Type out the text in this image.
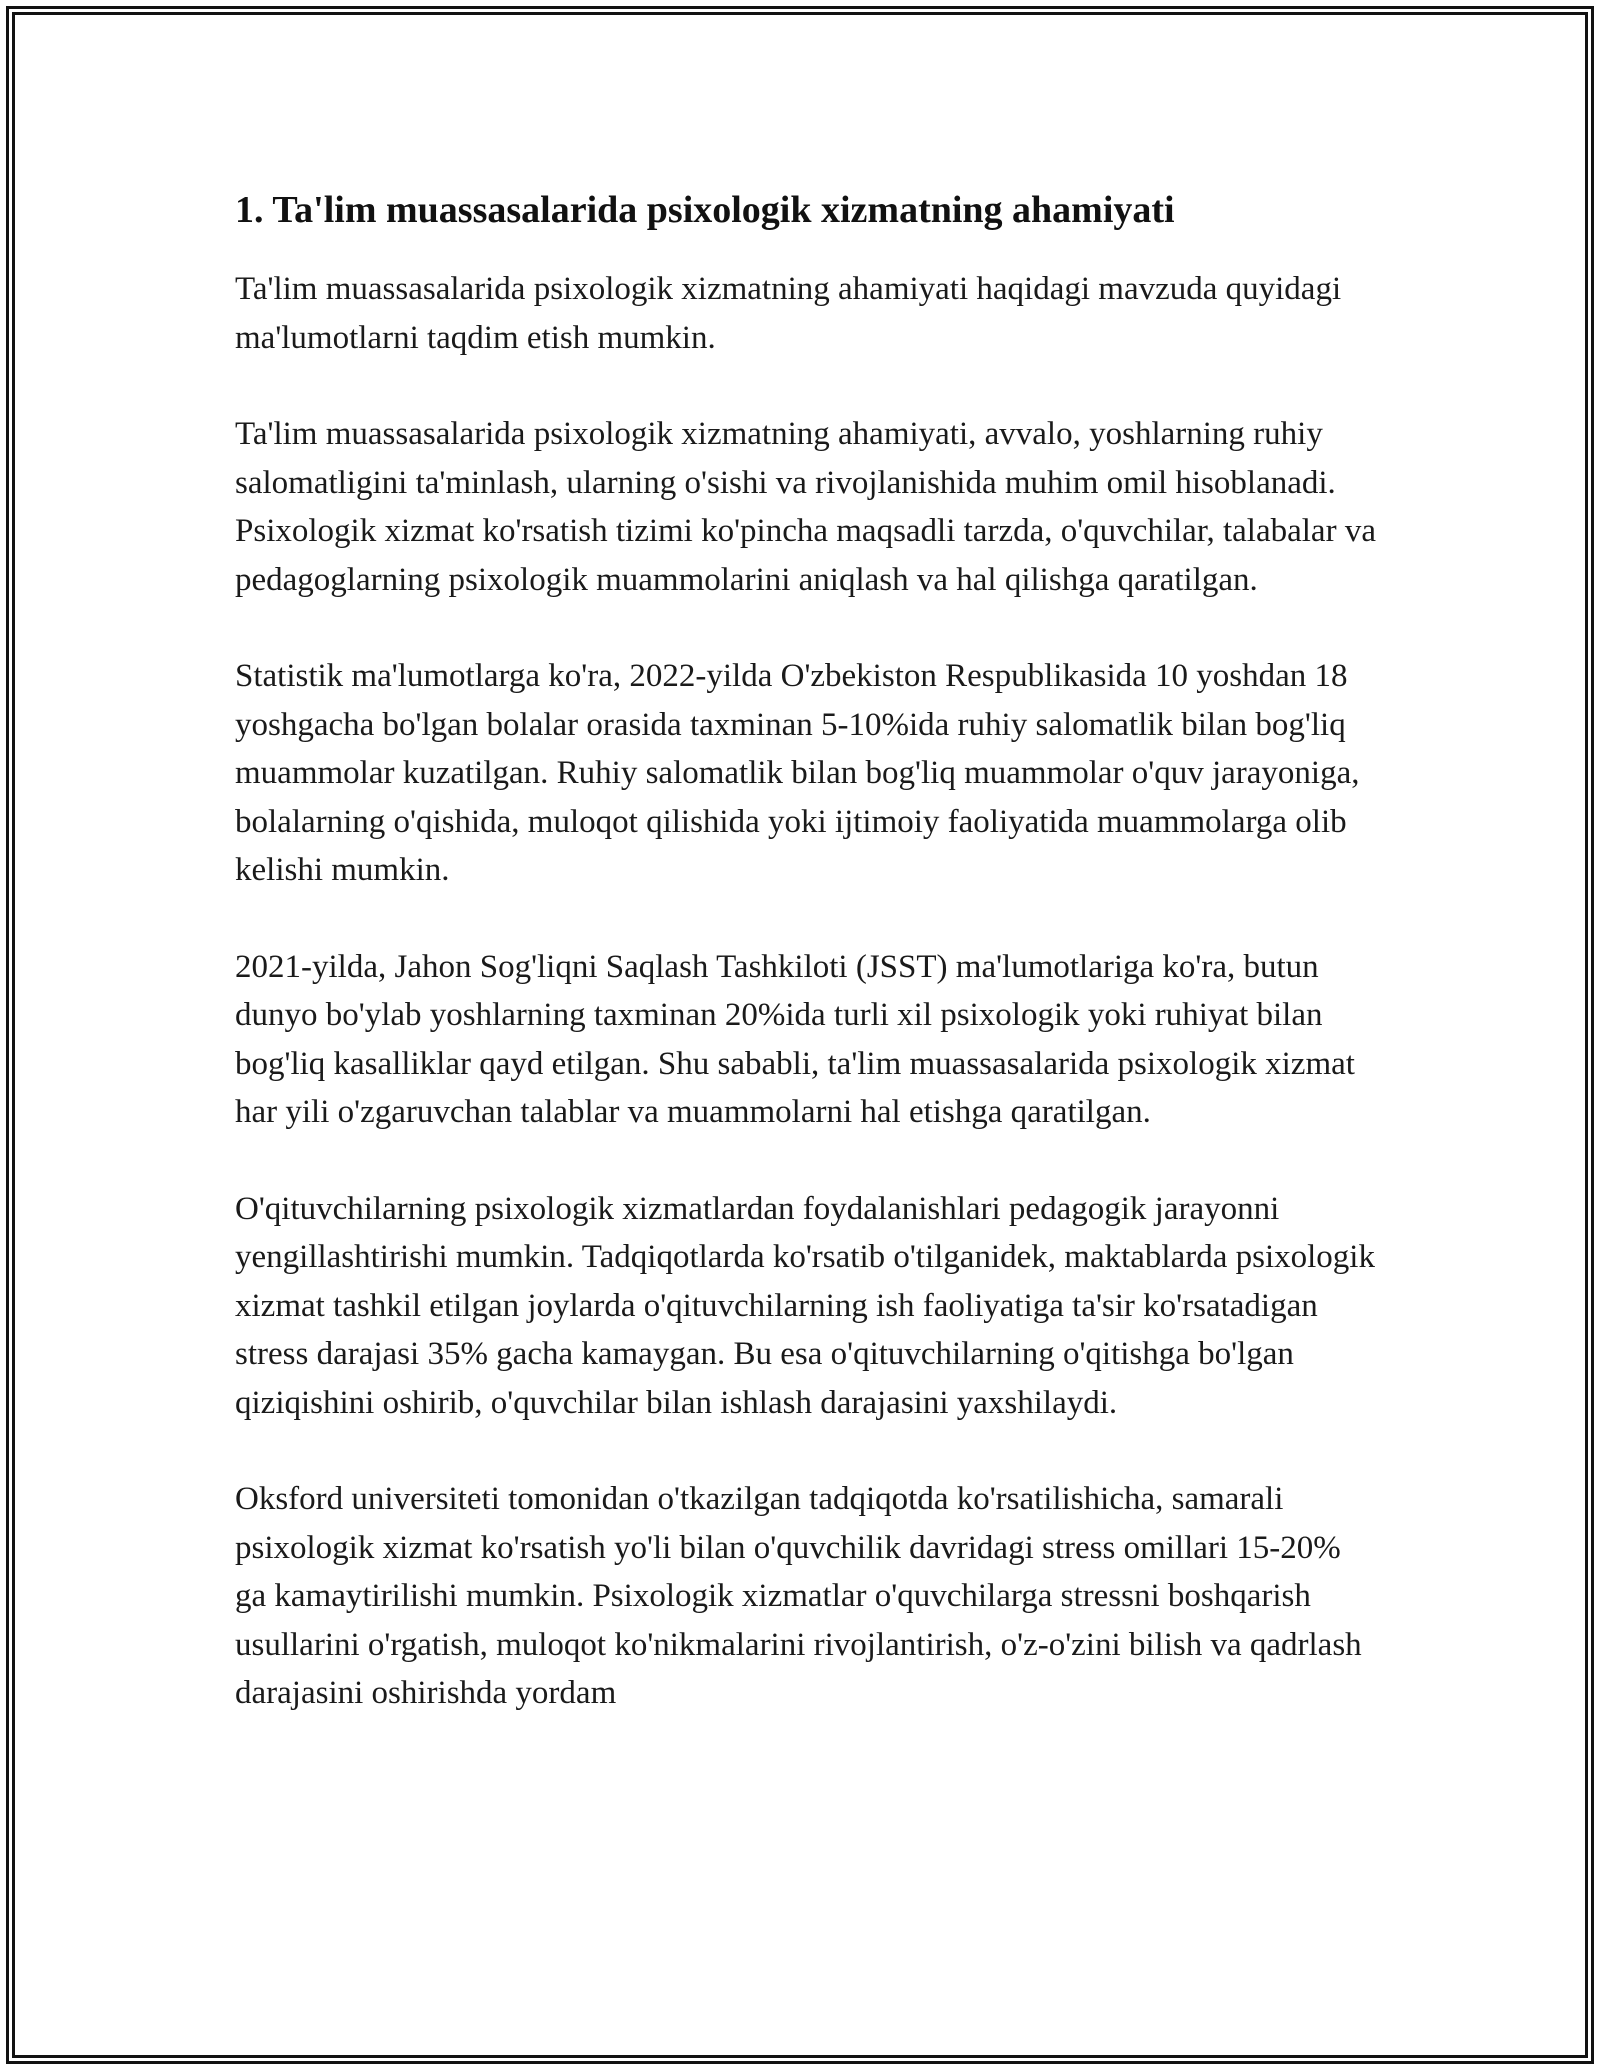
1. Ta'lim muassasalarida psixologik xizmatning ahamiyati

Ta'lim muassasalarida psixologik xizmatning ahamiyati haqidagi mavzuda quyidagi ma'lumotlarni taqdim etish mumkin.

Ta'lim muassasalarida psixologik xizmatning ahamiyati, avvalo, yoshlarning ruhiy salomatligini ta'minlash, ularning o'sishi va rivojlanishida muhim omil hisoblanadi. Psixologik xizmat ko'rsatish tizimi ko'pincha maqsadli tarzda, o'quvchilar, talabalar va pedagoglarning psixologik muammolarini aniqlash va hal qilishga qaratilgan.

Statistik ma'lumotlarga ko'ra, 2022-yilda O'zbekiston Respublikasida 10 yoshdan 18 yoshgacha bo'lgan bolalar orasida taxminan 5-10%ida ruhiy salomatlik bilan bog'liq muammolar kuzatilgan. Ruhiy salomatlik bilan bog'liq muammolar o'quv jarayoniga, bolalarning o'qishida, muloqot qilishida yoki ijtimoiy faoliyatida muammolarga olib kelishi mumkin.

2021-yilda, Jahon Sog'liqni Saqlash Tashkiloti (JSST) ma'lumotlariga ko'ra, butun dunyo bo'ylab yoshlarning taxminan 20%ida turli xil psixologik yoki ruhiyat bilan bog'liq kasalliklar qayd etilgan. Shu sababli, ta'lim muassasalarida psixologik xizmat har yili o'zgaruvchan talablar va muammolarni hal etishga qaratilgan.

O'qituvchilarning psixologik xizmatlardan foydalanishlari pedagogik jarayonni yengillashtirishi mumkin. Tadqiqotlarda ko'rsatib o'tilganidek, maktablarda psixologik xizmat tashkil etilgan joylarda o'qituvchilarning ish faoliyatiga ta'sir ko'rsatadigan stress darajasi 35% gacha kamaygan. Bu esa o'qituvchilarning o'qitishga bo'lgan qiziqishini oshirib, o'quvchilar bilan ishlash darajasini yaxshilaydi.

Oksford universiteti tomonidan o'tkazilgan tadqiqotda ko'rsatilishicha, samarali psixologik xizmat ko'rsatish yo'li bilan o'quvchilik davridagi stress omillari 15-20% ga kamaytirilishi mumkin. Psixologik xizmatlar o'quvchilarga stressni boshqarish usullarini o'rgatish, muloqot ko'nikmalarini rivojlantirish, o'z-o'zini bilish va qadrlash darajasini oshirishda yordam
